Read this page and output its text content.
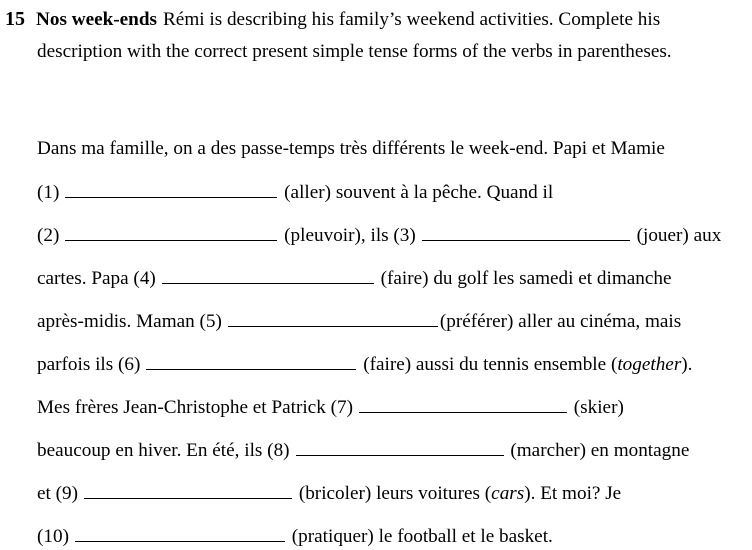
15 Nos week-ends Rémi is describing his family’s weekend activities. Complete his
description with the correct present simple tense forms of the verbs in parentheses.
Dans ma famille, on a des passe-temps très différents le week-end. Papi et Mamie
(1)	(aller) souvent à la pêche. Quand il
(2)	(pleuvoir), ils (3)	(jouer) aux
cartes. Papa (4)	(faire) du golf les samedi et dimanche
après-midis. Maman (5)	(préférer) aller au cinéma, mais
parfois ils (6)	(faire) aussi du tennis ensemble (together).
Mes frères Jean-Christophe et Patrick (7)	(skier)
beaucoup en hiver. En été, ils (8)	(marcher) en montagne
et (9)	(bricoler) leurs voitures (cars). Et moi? Je
(10)	(pratiquer) le football et le basket.
